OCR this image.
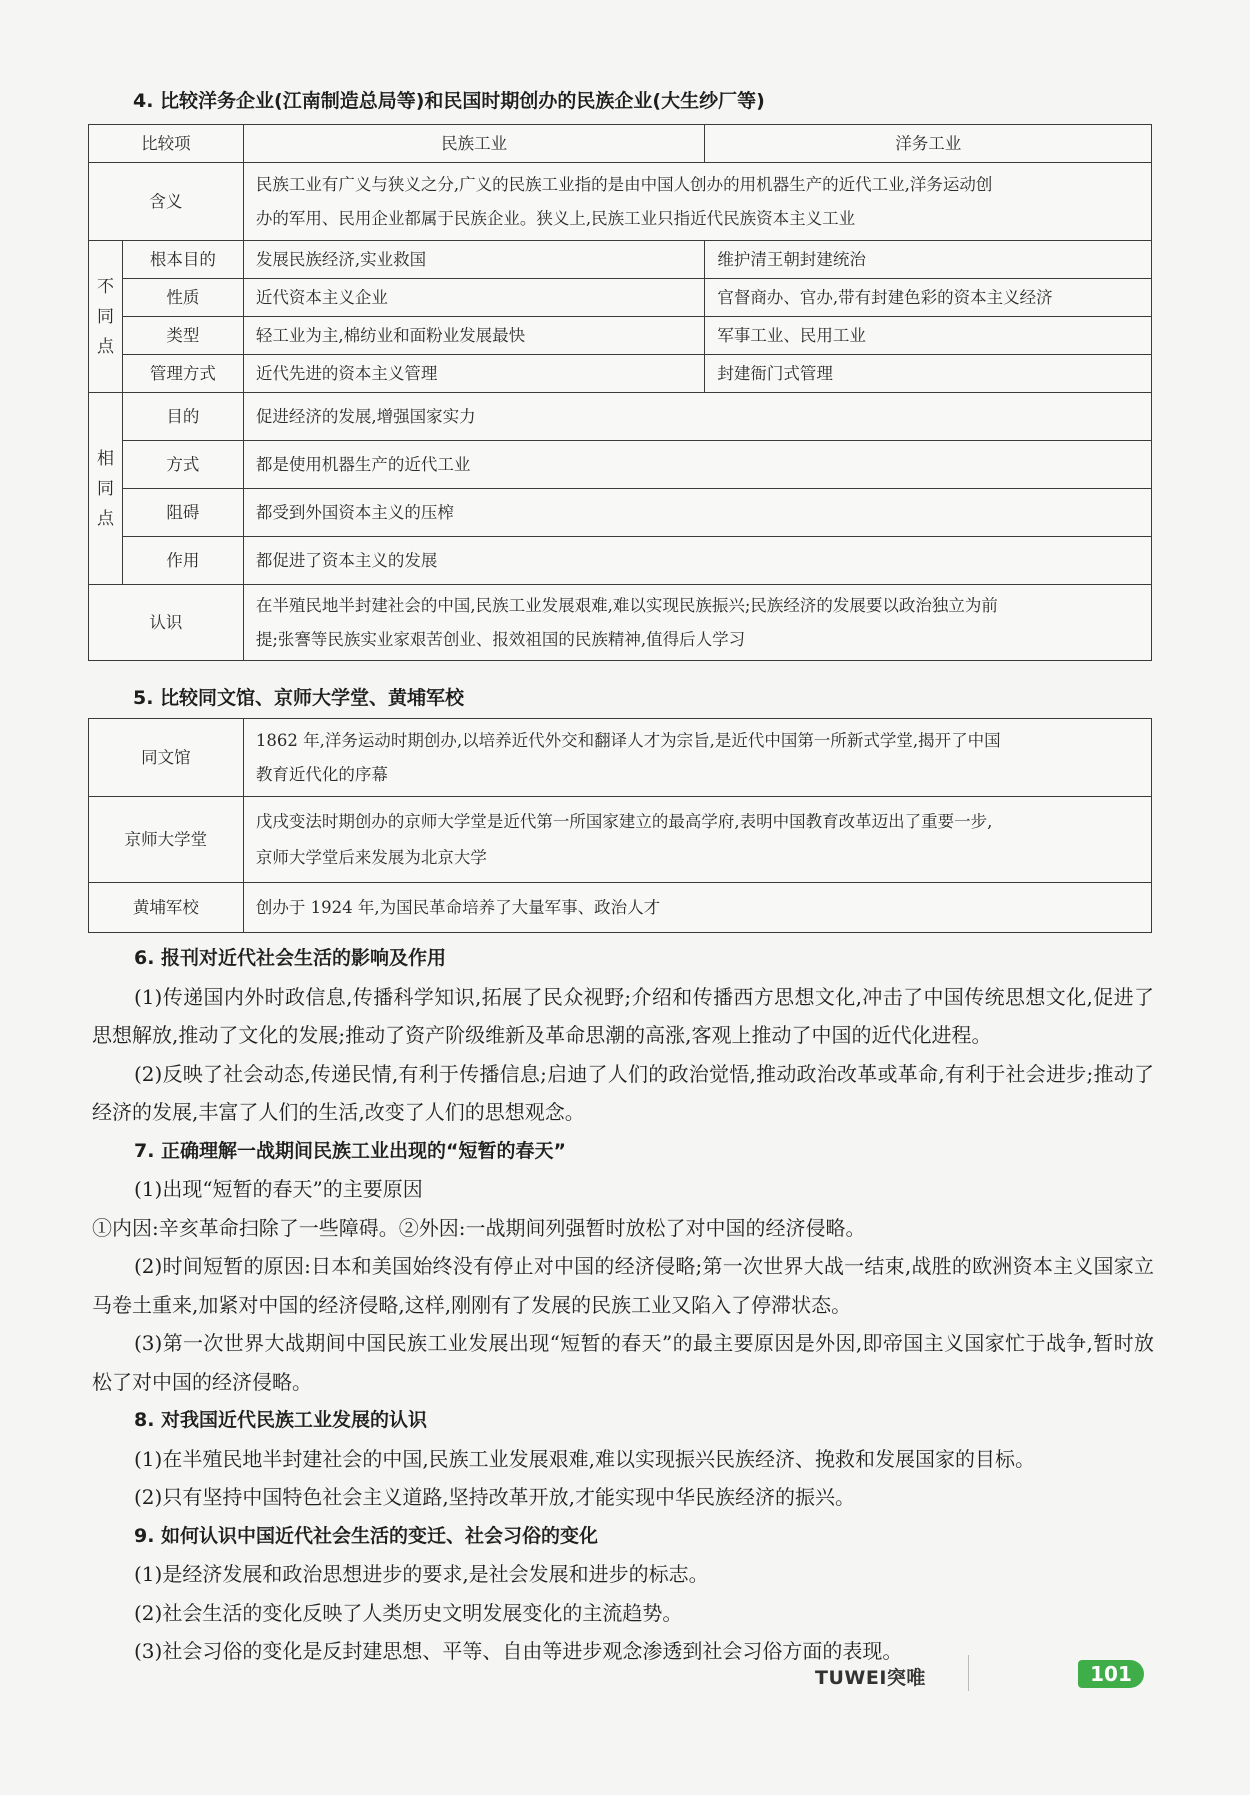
4. 比较洋务企业(江南制造总局等)和民国时期创办的民族企业(大生纱厂等)
比较项		民族工业	洋务工业
含义		民族工业有广义与狭义之分,广义的民族工业指的是由中国人创办的用机器生产的近代工业,洋务运动创
办的军用、民用企业都属于民族企业。狭义上,民族工业只指近代民族资本主义工业	

不
同
点	根本目的	发展民族经济,实业救国	维护清王朝封建统治
	性质	近代资本主义企业	官督商办、官办,带有封建色彩的资本主义经济
	类型	轻工业为主,棉纺业和面粉业发展最快	军事工业、民用工业
	管理方式	近代先进的资本主义管理	封建衙门式管理

相
同
点	目的	促进经济的发展,增强国家实力	
	方式	都是使用机器生产的近代工业	
	阻碍	都受到外国资本主义的压榨	
	作用	都促进了资本主义的发展	
认识		在半殖民地半封建社会的中国,民族工业发展艰难,难以实现民族振兴;民族经济的发展要以政治独立为前
提;张謇等民族实业家艰苦创业、报效祖国的民族精神,值得后人学习	
5. 比较同文馆、京师大学堂、黄埔军校
同文馆	1862 年,洋务运动时期创办,以培养近代外交和翻译人才为宗旨,是近代中国第一所新式学堂,揭开了中国
教育近代化的序幕

京师大学堂	戊戌变法时期创办的京师大学堂是近代第一所国家建立的最高学府,表明中国教育改革迈出了重要一步,
京师大学堂后来发展为北京大学

黄埔军校	创办于 1924 年,为国民革命培养了大量军事、政治人才

6. 报刊对近代社会生活的影响及作用

(1)传递国内外时政信息,传播科学知识,拓展了民众视野;介绍和传播西方思想文化,冲击了中国传统思想文化,促进了思想解放,推动了文化的发展;推动了资产阶级维新及革命思潮的高涨,客观上推动了中国的近代化进程。

(2)反映了社会动态,传递民情,有利于传播信息;启迪了人们的政治觉悟,推动政治改革或革命,有利于社会进步;推动了经济的发展,丰富了人们的生活,改变了人们的思想观念。

7. 正确理解一战期间民族工业出现的“短暂的春天”

(1)出现“短暂的春天”的主要原因

①内因:辛亥革命扫除了一些障碍。②外因:一战期间列强暂时放松了对中国的经济侵略。

(2)时间短暂的原因:日本和美国始终没有停止对中国的经济侵略;第一次世界大战一结束,战胜的欧洲资本主义国家立马卷土重来,加紧对中国的经济侵略,这样,刚刚有了发展的民族工业又陷入了停滞状态。

(3)第一次世界大战期间中国民族工业发展出现“短暂的春天”的最主要原因是外因,即帝国主义国家忙于战争,暂时放松了对中国的经济侵略。

8. 对我国近代民族工业发展的认识

(1)在半殖民地半封建社会的中国,民族工业发展艰难,难以实现振兴民族经济、挽救和发展国家的目标。

(2)只有坚持中国特色社会主义道路,坚持改革开放,才能实现中华民族经济的振兴。

9. 如何认识中国近代社会生活的变迁、社会习俗的变化

(1)是经济发展和政治思想进步的要求,是社会发展和进步的标志。

(2)社会生活的变化反映了人类历史文明发展变化的主流趋势。

(3)社会习俗的变化是反封建思想、平等、自由等进步观念渗透到社会习俗方面的表现。

TUWEI突唯	101
